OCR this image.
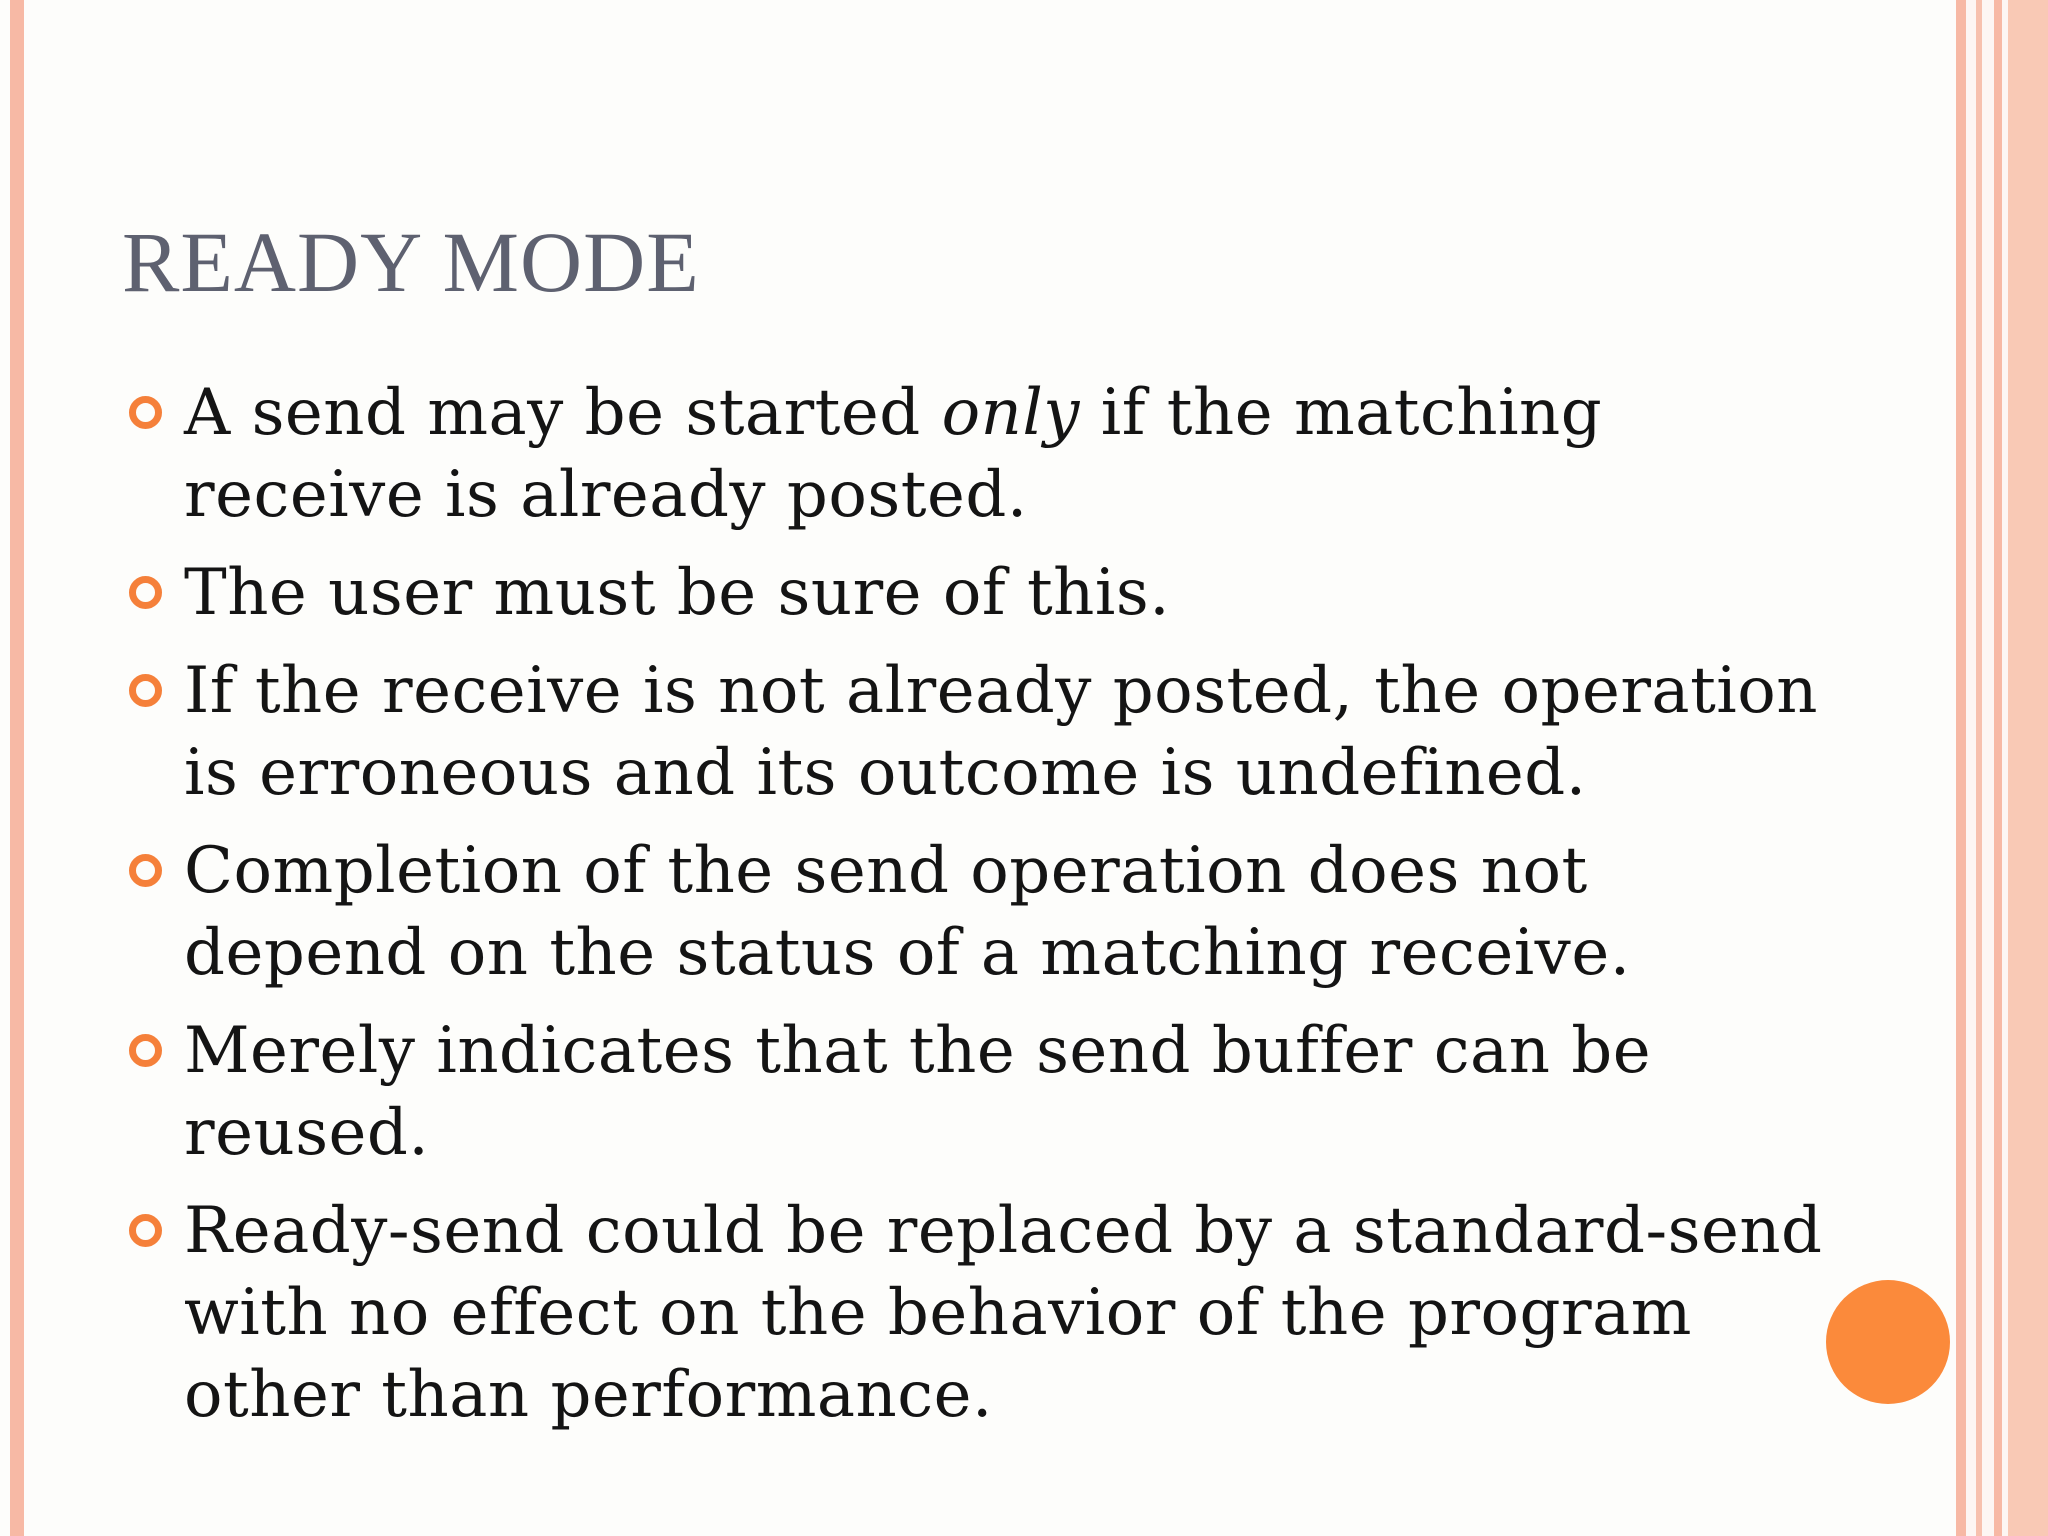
READY MODE
A send may be started only if the matching
receive is already posted.
The user must be sure of this.
If the receive is not already posted, the operation
is erroneous and its outcome is undefined.
Completion of the send operation does not
depend on the status of a matching receive.
Merely indicates that the send buffer can be
reused.
Ready-send could be replaced by a standard-send
with no effect on the behavior of the program
other than performance.
